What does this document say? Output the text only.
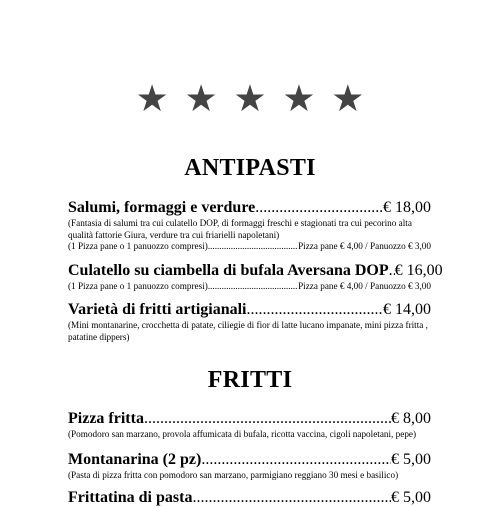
★ ★ ★ ★ ★
ANTIPASTI
Salumi, formaggi e verdure .....	€ 18,00
(Fantasia di salumi tra cui culatello DOP, di formaggi freschi e stagionati tra cui pecorino alta qualità fattorie Giura, verdure tra cui friarielli napoletani)
(1 Pizza pane o 1 panuozzo compresi) .....	Pizza pane € 4,00 / Panuozzo € 3,00
Culatello su ciambella di bufala Aversana DOP ..... € 16,00
(1 Pizza pane o 1 panuozzo compresi) .....	Pizza pane € 4,00 / Panuozzo € 3,00
Varietà di fritti artigianali .....	€ 14,00
(Mini montanarine, crocchetta di patate, ciliegie di fior di latte lucano impanate, mini pizza fritta , patatine dippers)
FRITTI
Pizza fritta .....	€ 8,00
(Pomodoro san marzano, provola affumicata di bufala, ricotta vaccina, cigoli napoletani, pepe)
Montanarina (2 pz) .....	€ 5,00
(Pasta di pizza fritta con pomodoro san marzano, parmigiano reggiano 30 mesi e basilico)
Frittatina di pasta .....	€ 5,00
